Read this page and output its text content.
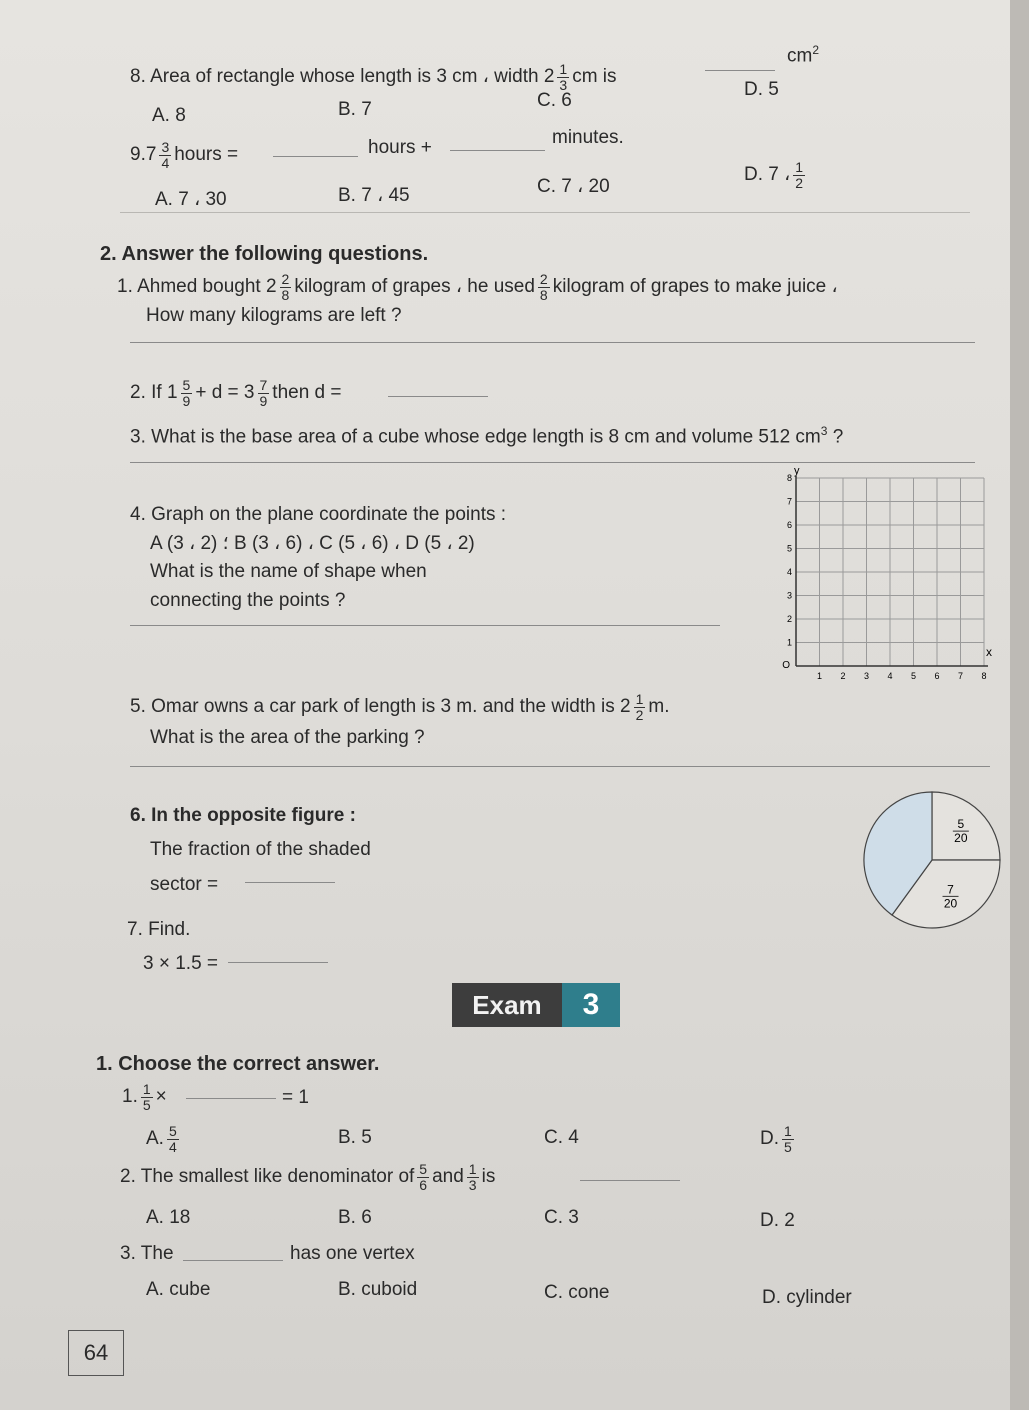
8. Area of rectangle whose length is 3 cm ، width $2 \frac{1}{3}$ cm is
$cm^2$
A. 8	B. 7	C. 6
D. 5
$9.7 \frac{3}{4}$ hours =	hours +	minutes.
A. 7 ، 30	B. 7 ، 45	C. 7 ، 20
D. 7 ، $\frac{1}{2}$
2. Answer the following questions.
1. Ahmed bought $2 \frac{2}{8}$ kilogram of grapes ، he used $\frac{2}{8}$ kilogram of grapes to make juice ،
How many kilograms are left ?
2. If $1 \frac{5}{9} + d = 3 \frac{7}{9}$ then d =
3. What is the base area of a cube whose edge length is 8 cm and volume 512 $cm^3$ ?
4. Graph on the plane coordinate the points :
A (3 ، 2) ؛ B (3 ، 6) ، C (5 ، 6) ، D (5 ، 2)
What is the name of shape when
connecting the points ?
x
y
O
1 2 3 4 5 6 7 8
1
2
3
4
5
6
7
8
5. Omar owns a car park of length is 3 m. and the width is $2 \frac{1}{2} m$.
What is the area of the parking ?
6. In the opposite figure :
The fraction of the shaded
sector =
5
20
7
20
7. Find.
3 × 1.5 =
Exam	3
1. Choose the correct answer.
1. $\frac{1}{5}$ ×	= 1
A. $\frac{5}{4}$	B. 5	C. 4	D. $\frac{1}{5}$
2. The smallest like denominator of $\frac{5}{6}$ and $\frac{1}{3}$ is
A. 18	B. 6	C. 3	D. 2
3. The	has one vertex
A. cube	B. cuboid	C. cone	D. cylinder
64
